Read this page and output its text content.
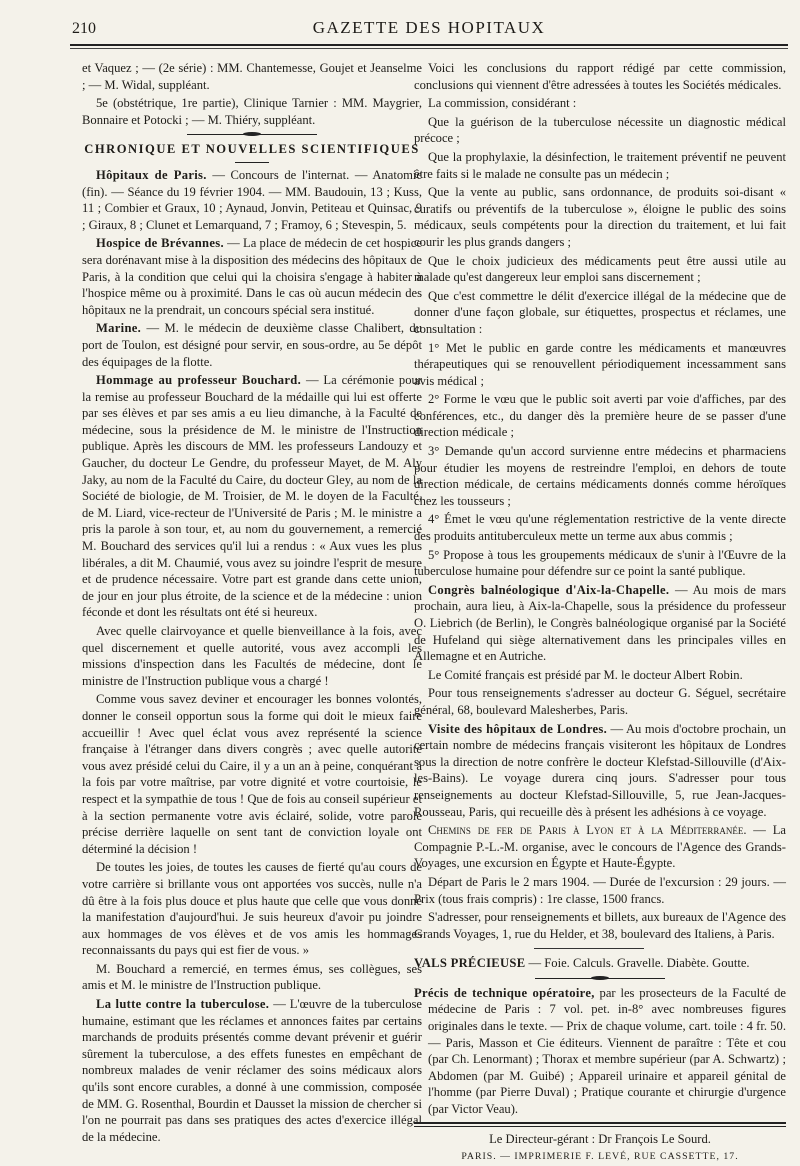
210	GAZETTE DES HOPITAUX

et Vaquez ; — (2e série) : MM. Chantemesse, Goujet et Jeanselme ; — M. Widal, suppléant.

5e (obstétrique, 1re partie), Clinique Tarnier : MM. Maygrier, Bonnaire et Potocki ; — M. Thiéry, suppléant.

CHRONIQUE ET NOUVELLES SCIENTIFIQUES

Hôpitaux de Paris. — Concours de l'internat. — Anatomie (fin). — Séance du 19 février 1904. — MM. Baudouin, 13 ; Kuss, 11 ; Combier et Graux, 10 ; Aynaud, Jonvin, Petiteau et Quinsac, 9 ; Giraux, 8 ; Clunet et Lemarquand, 7 ; Framoy, 6 ; Stevespin, 5.

Hospice de Brévannes. — La place de médecin de cet hospice sera dorénavant mise à la disposition des médecins des hôpitaux de Paris, à la condition que celui qui la choisira s'engage à habiter à l'hospice même ou à proximité. Dans le cas où aucun médecin des hôpitaux ne la prendrait, un concours spécial sera institué.

Marine. — M. le médecin de deuxième classe Chalibert, du port de Toulon, est désigné pour servir, en sous-ordre, au 5e dépôt des équipages de la flotte.

Hommage au professeur Bouchard. — La cérémonie pour la remise au professeur Bouchard de la médaille qui lui est offerte par ses élèves et par ses amis a eu lieu dimanche, à la Faculté de médecine, sous la présidence de M. le ministre de l'Instruction publique. Après les discours de MM. les professeurs Landouzy et Gaucher, du docteur Le Gendre, du professeur Mayet, de M. Aly Jaky, au nom de la Faculté du Caire, du docteur Gley, au nom de la Société de biologie, de M. Troisier, de M. le doyen de la Faculté, de M. Liard, vice-recteur de l'Université de Paris ; M. le ministre a pris la parole à son tour, et, au nom du gouvernement, a remercié M. Bouchard des services qu'il lui a rendus : « Aux vues les plus libérales, a dit M. Chaumié, vous avez su joindre l'esprit de mesure et de prudence nécessaire. Votre part est grande dans cette union, de jour en jour plus étroite, de la science et de la médecine : union féconde et dont les résultats ont été si heureux.

Avec quelle clairvoyance et quelle bienveillance à la fois, avec quel discernement et quelle autorité, vous avez accompli les missions d'inspection dans les Facultés de médecine, dont le ministre de l'Instruction publique vous a chargé !

Comme vous savez deviner et encourager les bonnes volontés, donner le conseil opportun sous la forme qui doit le mieux faire accueillir ! Avec quel éclat vous avez représenté la science française à l'étranger dans divers congrès ; avec quelle autorité vous avez présidé celui du Caire, il y a un an à peine, conquérant à la fois par votre maîtrise, par votre dignité et votre courtoisie, le respect et la sympathie de tous ! Que de fois au conseil supérieur et à la section permanente votre avis éclairé, solide, votre parole précise derrière laquelle on sent tant de conviction loyale ont déterminé la décision !

De toutes les joies, de toutes les causes de fierté qu'au cours de votre carrière si brillante vous ont apportées vos succès, nulle n'a dû être à la fois plus douce et plus haute que celle que vous donne la manifestation d'aujourd'hui. Je suis heureux d'avoir pu joindre aux hommages de vos élèves et de vos amis les hommages reconnaissants du pays qui est fier de vous. »

M. Bouchard a remercié, en termes émus, ses collègues, ses amis et M. le ministre de l'Instruction publique.

La lutte contre la tuberculose. — L'œuvre de la tuberculose humaine, estimant que les réclames et annonces faites par certains marchands de produits présentés comme devant prévenir et guérir sûrement la tuberculose, a des effets funestes en empêchant de nombreux malades de venir réclamer des soins médicaux alors qu'ils sont encore curables, a donné à une commission, composée de MM. G. Rosenthal, Bourdin et Dausset la mission de chercher si l'on ne pourrait pas dans ses pratiques des actes d'exercice illégal de la médecine.

Voici les conclusions du rapport rédigé par cette commission, conclusions qui viennent d'être adressées à toutes les Sociétés médicales.

La commission, considérant :

Que la guérison de la tuberculose nécessite un diagnostic médical précoce ;

Que la prophylaxie, la désinfection, le traitement préventif ne peuvent être faits si le malade ne consulte pas un médecin ;

Que la vente au public, sans ordonnance, de produits soi-disant « curatifs ou préventifs de la tuberculose », éloigne le public des soins médicaux, seuls compétents pour la direction du traitement, et lui fait courir les plus grands dangers ;

Que le choix judicieux des médicaments peut être aussi utile au malade qu'est dangereux leur emploi sans discernement ;

Que c'est commettre le délit d'exercice illégal de la médecine que de donner d'une façon globale, sur étiquettes, prospectus et réclames, une consultation :

1° Met le public en garde contre les médicaments et manœuvres thérapeutiques qui se renouvellent périodiquement incessamment sans avis médical ;

2° Forme le vœu que le public soit averti par voie d'affiches, par des conférences, etc., du danger dès la première heure de se passer d'une direction médicale ;

3° Demande qu'un accord survienne entre médecins et pharmaciens pour étudier les moyens de restreindre l'emploi, en dehors de toute direction médicale, de certains médicaments donnés comme héroïques chez les tousseurs ;

4° Émet le vœu qu'une réglementation restrictive de la vente directe des produits antituberculeux mette un terme aux abus commis ;

5° Propose à tous les groupements médicaux de s'unir à l'Œuvre de la tuberculose humaine pour défendre sur ce point la santé publique.

Congrès balnéologique d'Aix-la-Chapelle. — Au mois de mars prochain, aura lieu, à Aix-la-Chapelle, sous la présidence du professeur O. Liebrich (de Berlin), le Congrès balnéologique organisé par la Société de Hufeland qui siège alternativement dans les principales villes en Allemagne et en Autriche.

Le Comité français est présidé par M. le docteur Albert Robin.

Pour tous renseignements s'adresser au docteur G. Séguel, secrétaire général, 68, boulevard Malesherbes, Paris.

Visite des hôpitaux de Londres. — Au mois d'octobre prochain, un certain nombre de médecins français visiteront les hôpitaux de Londres sous la direction de notre confrère le docteur Klefstad-Sillouville (d'Aix-les-Bains). Le voyage durera cinq jours. S'adresser pour tous renseignements au docteur Klefstad-Sillouville, 5, rue Jean-Jacques-Rousseau, Paris, qui recueille dès à présent les adhésions à ce voyage.

Chemins de fer de Paris à Lyon et à la Méditerranée. — La Compagnie P.-L.-M. organise, avec le concours de l'Agence des Grands-Voyages, une excursion en Égypte et Haute-Égypte.

Départ de Paris le 2 mars 1904. — Durée de l'excursion : 29 jours. — Prix (tous frais compris) : 1re classe, 1500 francs.

S'adresser, pour renseignements et billets, aux bureaux de l'Agence des Grands Voyages, 1, rue du Helder, et 38, boulevard des Italiens, à Paris.

VALS PRÉCIEUSE — Foie. Calculs. Gravelle. Diabète. Goutte.

Précis de technique opératoire, par les prosecteurs de la Faculté de médecine de Paris : 7 vol. pet. in-8° avec nombreuses figures originales dans le texte. — Prix de chaque volume, cart. toile : 4 fr. 50. — Paris, Masson et Cie éditeurs. Viennent de paraître : Tête et cou (par Ch. Lenormant) ; Thorax et membre supérieur (par A. Schwartz) ; Abdomen (par M. Guibé) ; Appareil urinaire et appareil génital de l'homme (par Pierre Duval) ; Pratique courante et chirurgie d'urgence (par Victor Veau).

Le Directeur-gérant : Dr François Le Sourd.
PARIS. — IMPRIMERIE F. LEVÉ, RUE CASSETTE, 17.
